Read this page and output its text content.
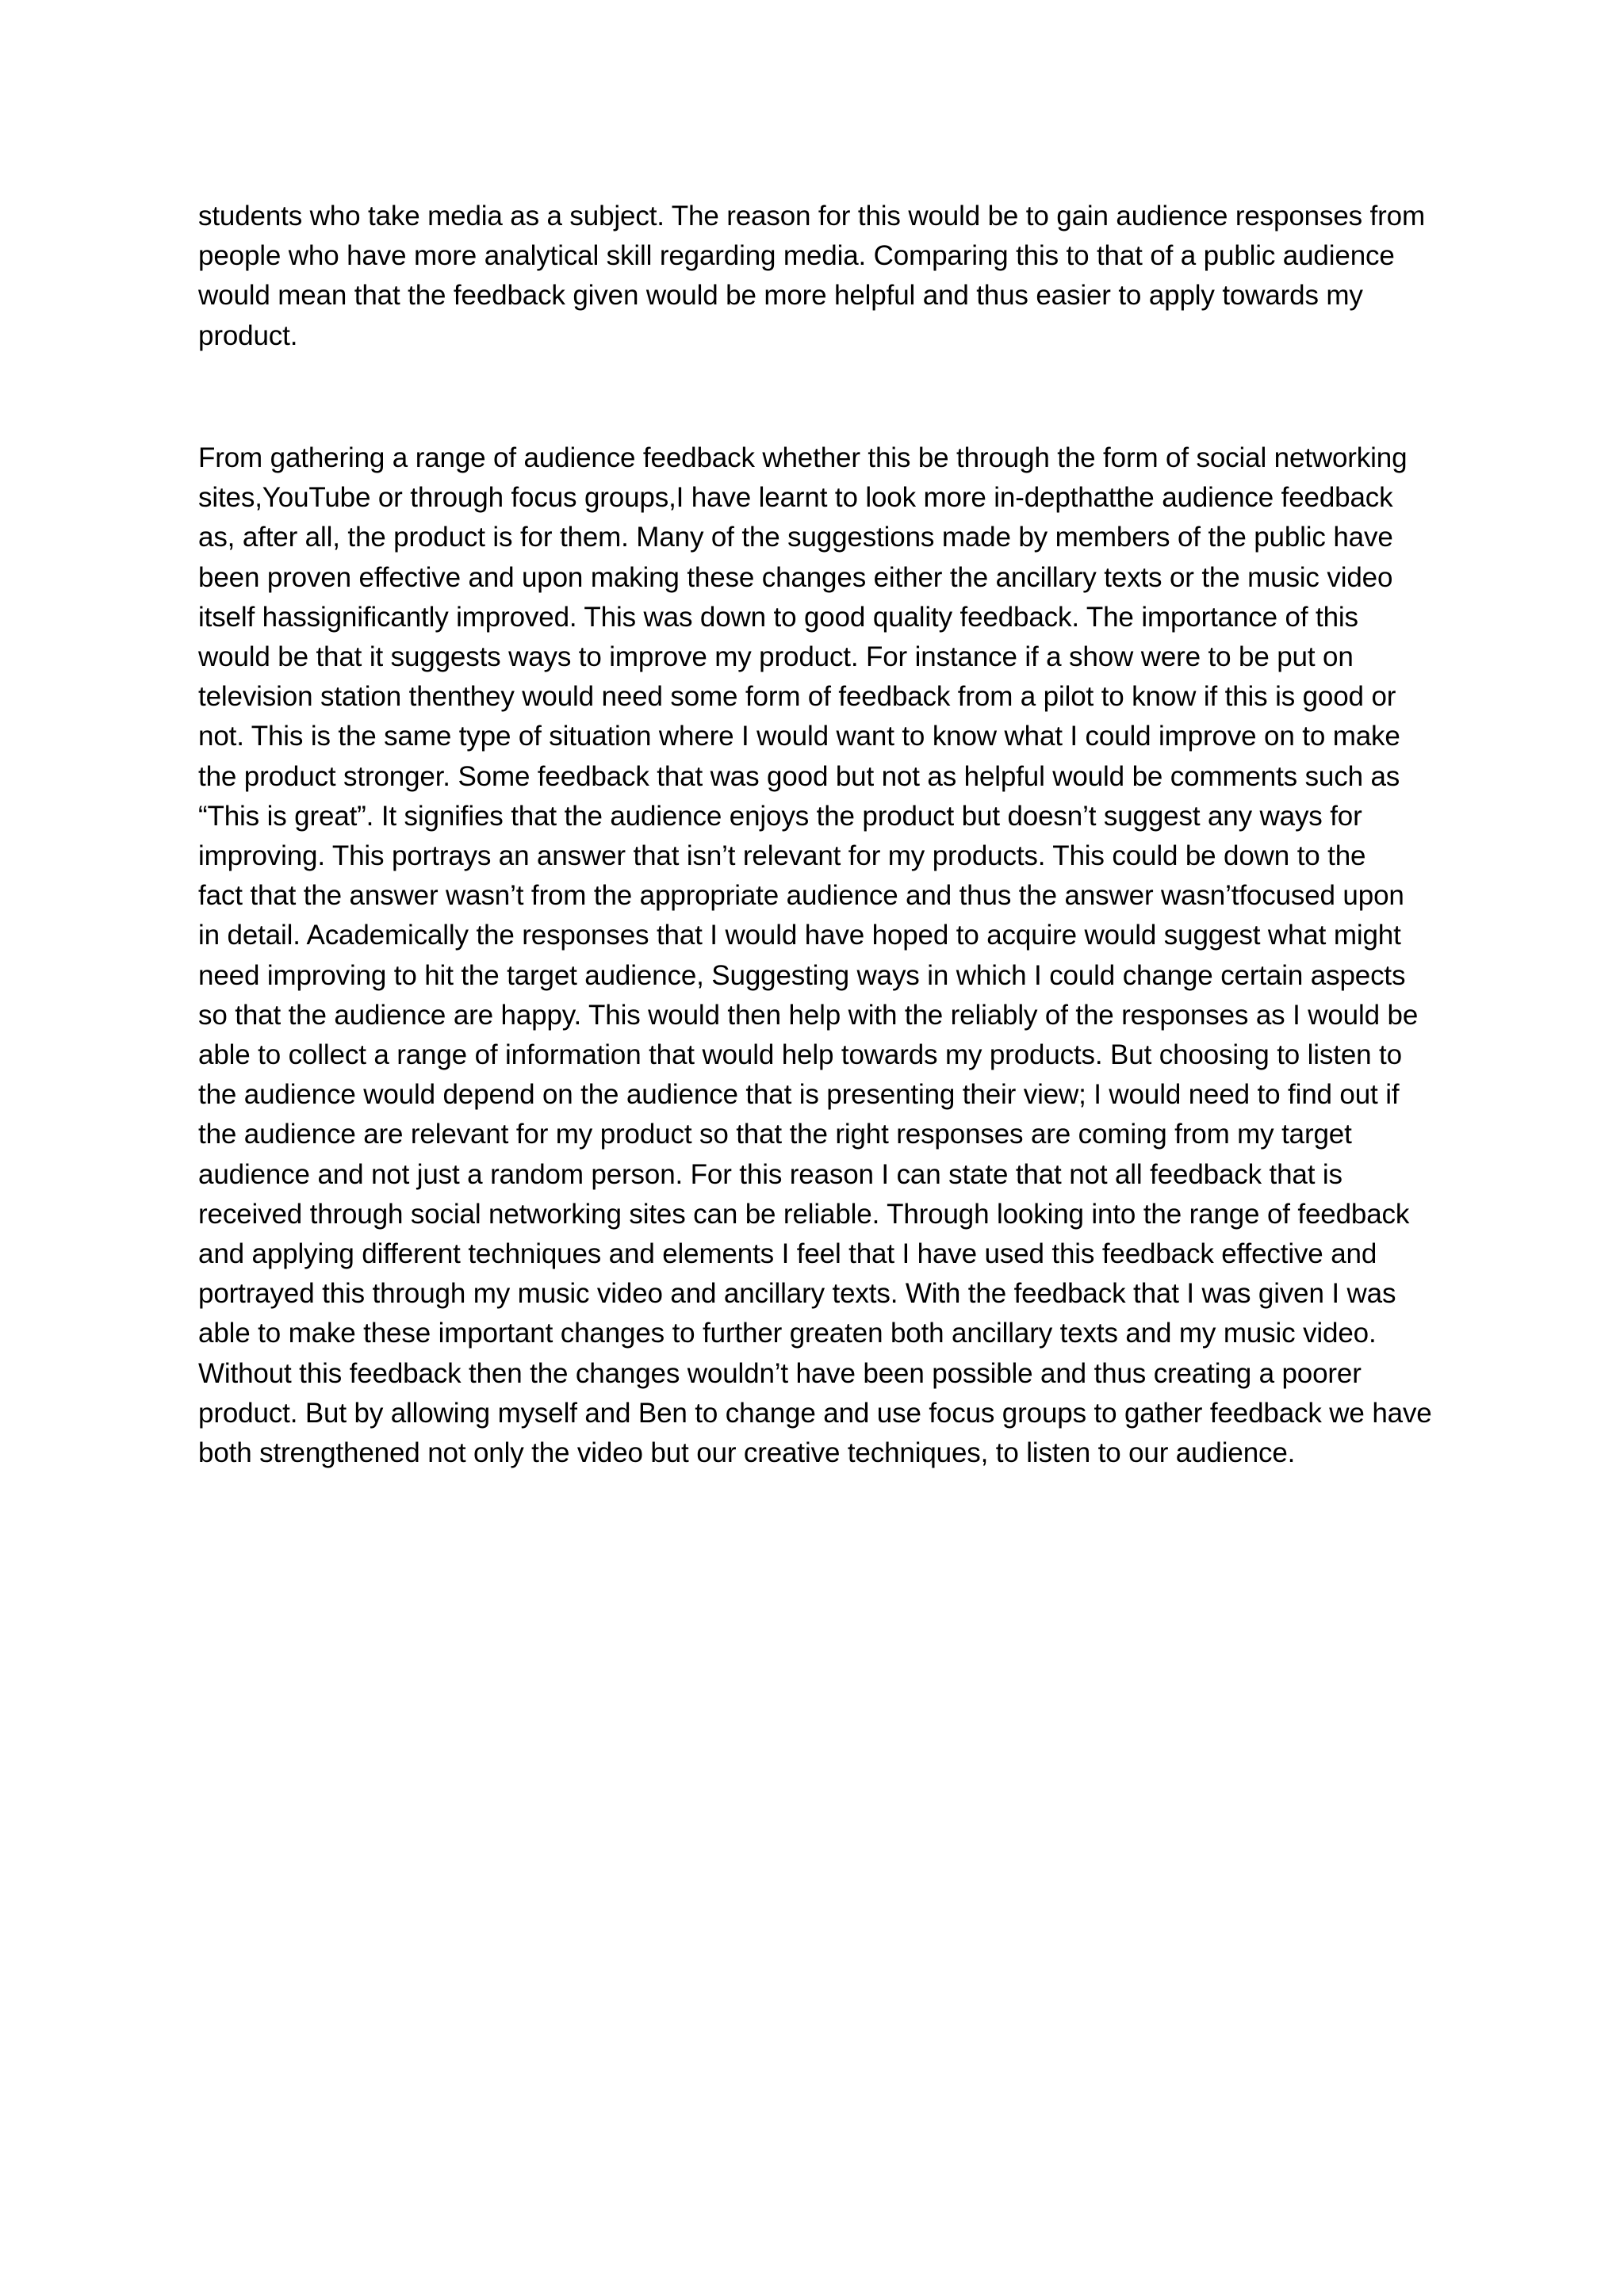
students who take media as a subject. The reason for this would be to gain audience responses from
people who have more analytical skill regarding media. Comparing this to that of a public audience
would mean that the feedback given would be more helpful and thus easier to apply towards my
product.
From gathering a range of audience feedback whether this be through the form of social networking
sites,YouTube or through focus groups,I have learnt to look more in-depthatthe audience feedback
as, after all, the product is for them. Many of the suggestions made by members of the public have
been proven effective and upon making these changes either the ancillary texts or the music video
itself hassignificantly improved. This was down to good quality feedback. The importance of this
would be that it suggests ways to improve my product. For instance if a show were to be put on
television station thenthey would need some form of feedback from a pilot to know if this is good or
not. This is the same type of situation where I would want to know what I could improve on to make
the product stronger. Some feedback that was good but not as helpful would be comments such as
“This is great”. It signifies that the audience enjoys the product but doesn’t suggest any ways for
improving. This portrays an answer that isn’t relevant for my products. This could be down to the
fact that the answer wasn’t from the appropriate audience and thus the answer wasn’tfocused upon
in detail. Academically the responses that I would have hoped to acquire would suggest what might
need improving to hit the target audience, Suggesting ways in which I could change certain aspects
so that the audience are happy. This would then help with the reliably of the responses as I would be
able to collect a range of information that would help towards my products. But choosing to listen to
the audience would depend on the audience that is presenting their view; I would need to find out if
the audience are relevant for my product so that the right responses are coming from my target
audience and not just a random person. For this reason I can state that not all feedback that is
received through social networking sites can be reliable. Through looking into the range of feedback
and applying different techniques and elements I feel that I have used this feedback effective and
portrayed this through my music video and ancillary texts. With the feedback that I was given I was
able to make these important changes to further greaten both ancillary texts and my music video.
Without this feedback then the changes wouldn’t have been possible and thus creating a poorer
product. But by allowing myself and Ben to change and use focus groups to gather feedback we have
both strengthened not only the video but our creative techniques, to listen to our audience.
